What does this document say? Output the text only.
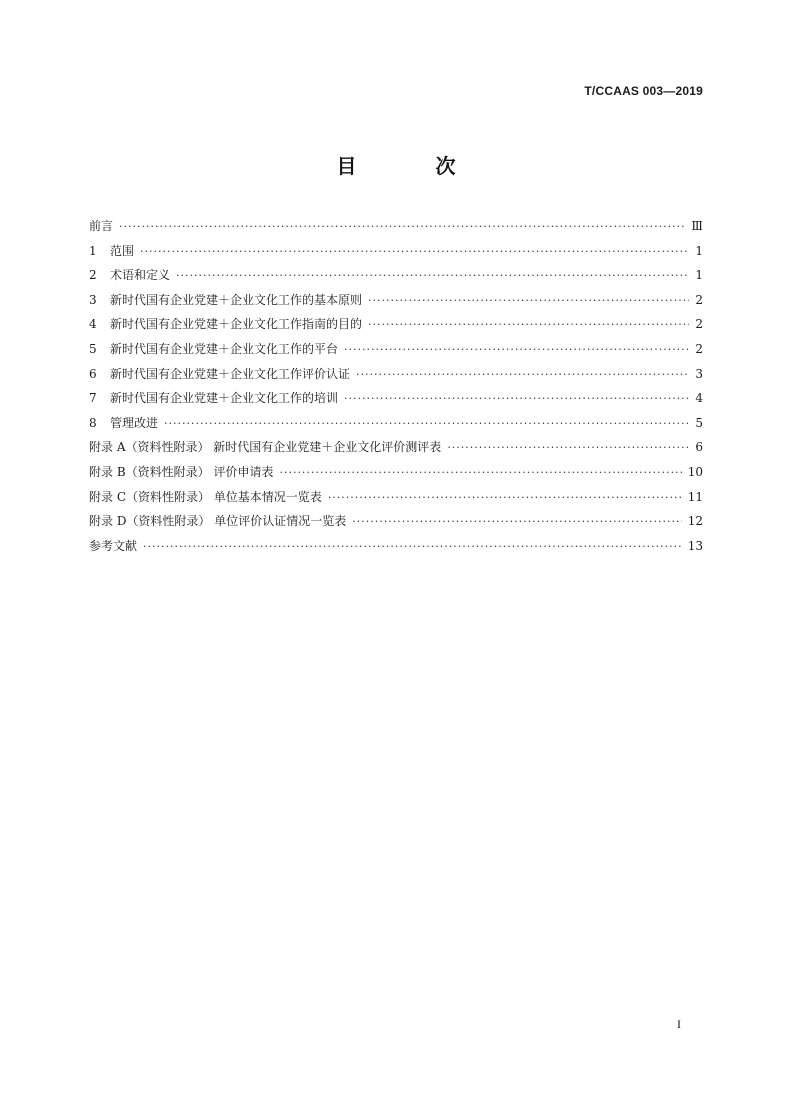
T/CCAAS 003—2019
目 次
前言 ·····	Ⅲ
1	范围 ·····	1
2	术语和定义 ·····	1
3	新时代国有企业党建＋企业文化工作的基本原则 ·····	2
4	新时代国有企业党建＋企业文化工作指南的目的 ·····	2
5	新时代国有企业党建＋企业文化工作的平台 ·····	2
6	新时代国有企业党建＋企业文化工作评价认证 ·····	3
7	新时代国有企业党建＋企业文化工作的培训 ·····	4
8	管理改进 ·····	5
附录 A（资料性附录） 新时代国有企业党建＋企业文化评价测评表 ·····	6
附录 B（资料性附录） 评价申请表 ·····	10
附录 C（资料性附录） 单位基本情况一览表 ·····	11
附录 D（资料性附录） 单位评价认证情况一览表 ·····	12
参考文献 ·····	13
I
